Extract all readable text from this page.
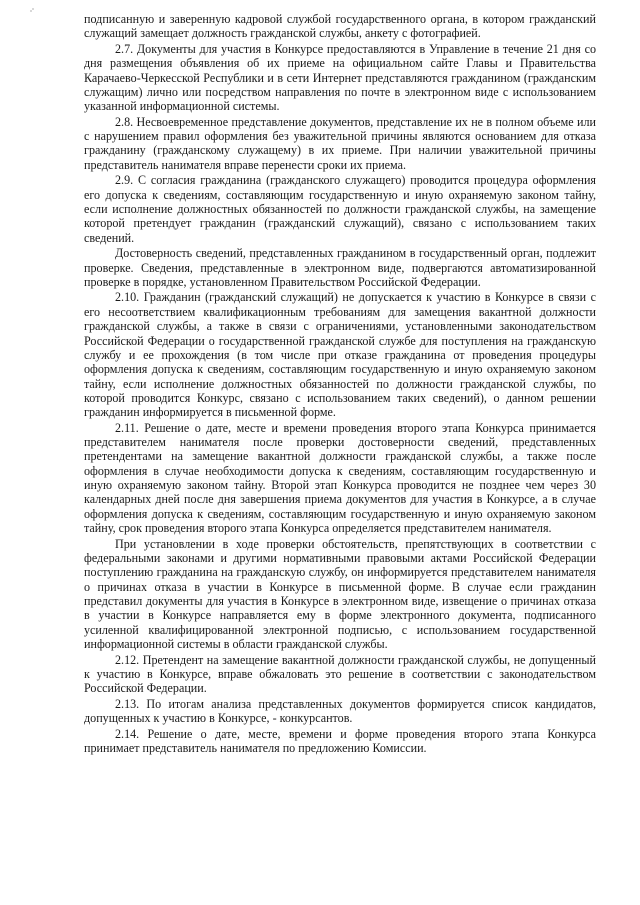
подписанную и заверенную кадровой службой государственного органа, в котором гражданский служащий замещает должность гражданской службы, анкету с фотографией.

2.7. Документы для участия в Конкурсе предоставляются в Управление в течение 21 дня со дня размещения объявления об их приеме на официальном сайте Главы и Правительства Карачаево-Черкесской Республики и в сети Интернет представляются гражданином (гражданским служащим) лично или посредством направления по почте в электронном виде с использованием указанной информационной системы.

2.8. Несвоевременное представление документов, представление их не в полном объеме или с нарушением правил оформления без уважительной причины являются основанием для отказа гражданину (гражданскому служащему) в их приеме. При наличии уважительной причины представитель нанимателя вправе перенести сроки их приема.

2.9. С согласия гражданина (гражданского служащего) проводится процедура оформления его допуска к сведениям, составляющим государственную и иную охраняемую законом тайну, если исполнение должностных обязанностей по должности гражданской службы, на замещение которой претендует гражданин (гражданский служащий), связано с использованием таких сведений.

Достоверность сведений, представленных гражданином в государственный орган, подлежит проверке. Сведения, представленные в электронном виде, подвергаются автоматизированной проверке в порядке, установленном Правительством Российской Федерации.

2.10. Гражданин (гражданский служащий) не допускается к участию в Конкурсе в связи с его несоответствием квалификационным требованиям для замещения вакантной должности гражданской службы, а также в связи с ограничениями, установленными законодательством Российской Федерации о государственной гражданской службе для поступления на гражданскую службу и ее прохождения (в том числе при отказе гражданина от проведения процедуры оформления допуска к сведениям, составляющим государственную и иную охраняемую законом тайну, если исполнение должностных обязанностей по должности гражданской службы, по которой проводится Конкурс, связано с использованием таких сведений), о данном решении гражданин информируется в письменной форме.

2.11. Решение о дате, месте и времени проведения второго этапа Конкурса принимается представителем нанимателя после проверки достоверности сведений, представленных претендентами на замещение вакантной должности гражданской службы, а также после оформления в случае необходимости допуска к сведениям, составляющим государственную и иную охраняемую законом тайну. Второй этап Конкурса проводится не позднее чем через 30 календарных дней после дня завершения приема документов для участия в Конкурсе, а в случае оформления допуска к сведениям, составляющим государственную и иную охраняемую законом тайну, срок проведения второго этапа Конкурса определяется представителем нанимателя.

При установлении в ходе проверки обстоятельств, препятствующих в соответствии с федеральными законами и другими нормативными правовыми актами Российской Федерации поступлению гражданина на гражданскую службу, он информируется представителем нанимателя о причинах отказа в участии в Конкурсе в письменной форме. В случае если гражданин представил документы для участия в Конкурсе в электронном виде, извещение о причинах отказа в участии в Конкурсе направляется ему в форме электронного документа, подписанного усиленной квалифицированной электронной подписью, с использованием государственной информационной системы в области гражданской службы.

2.12. Претендент на замещение вакантной должности гражданской службы, не допущенный к участию в Конкурсе, вправе обжаловать это решение в соответствии с законодательством Российской Федерации.

2.13. По итогам анализа представленных документов формируется список кандидатов, допущенных к участию в Конкурсе, - конкурсантов.

2.14. Решение о дате, месте, времени и форме проведения второго этапа Конкурса принимает представитель нанимателя по предложению Комиссии.
